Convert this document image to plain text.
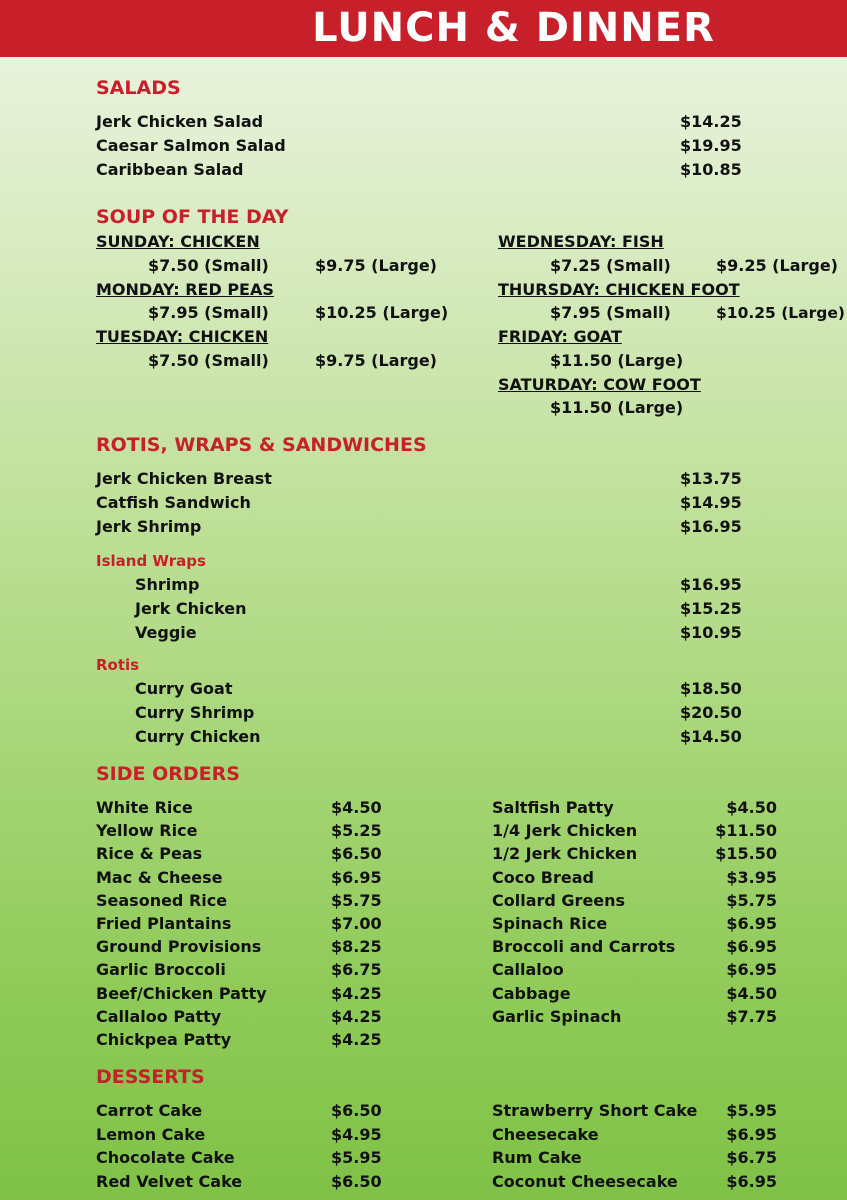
LUNCH & DINNER
SALADS
Jerk Chicken Salad	$14.25
Caesar Salmon Salad	$19.95
Caribbean Salad	$10.85
SOUP OF THE DAY
SUNDAY: CHICKEN
$7.50 (Small)	$9.75 (Large)
MONDAY: RED PEAS
$7.95 (Small)	$10.25 (Large)
TUESDAY: CHICKEN
$7.50 (Small)	$9.75 (Large)
WEDNESDAY: FISH
$7.25 (Small)	$9.25 (Large)
THURSDAY: CHICKEN FOOT
$7.95 (Small)	$10.25 (Large)
FRIDAY: GOAT
$11.50 (Large)
SATURDAY: COW FOOT
$11.50 (Large)
ROTIS, WRAPS & SANDWICHES
Jerk Chicken Breast	$13.75
Catfish Sandwich	$14.95
Jerk Shrimp	$16.95
Island Wraps
Shrimp	$16.95
Jerk Chicken	$15.25
Veggie	$10.95
Rotis
Curry Goat	$18.50
Curry Shrimp	$20.50
Curry Chicken	$14.50
SIDE ORDERS
White Rice	$4.50
Yellow Rice	$5.25
Rice & Peas	$6.50
Mac & Cheese	$6.95
Seasoned Rice	$5.75
Fried Plantains	$7.00
Ground Provisions	$8.25
Garlic Broccoli	$6.75
Beef/Chicken Patty	$4.25
Callaloo Patty	$4.25
Chickpea Patty	$4.25
Saltfish Patty	$4.50
1/4 Jerk Chicken	$11.50
1/2 Jerk Chicken	$15.50
Coco Bread	$3.95
Collard Greens	$5.75
Spinach Rice	$6.95
Broccoli and Carrots	$6.95
Callaloo	$6.95
Cabbage	$4.50
Garlic Spinach	$7.75
DESSERTS
Carrot Cake	$6.50
Lemon Cake	$4.95
Chocolate Cake	$5.95
Red Velvet Cake	$6.50
Strawberry Short Cake $5.95
Cheesecake	$6.95
Rum Cake	$6.75
Coconut Cheesecake	$6.95
